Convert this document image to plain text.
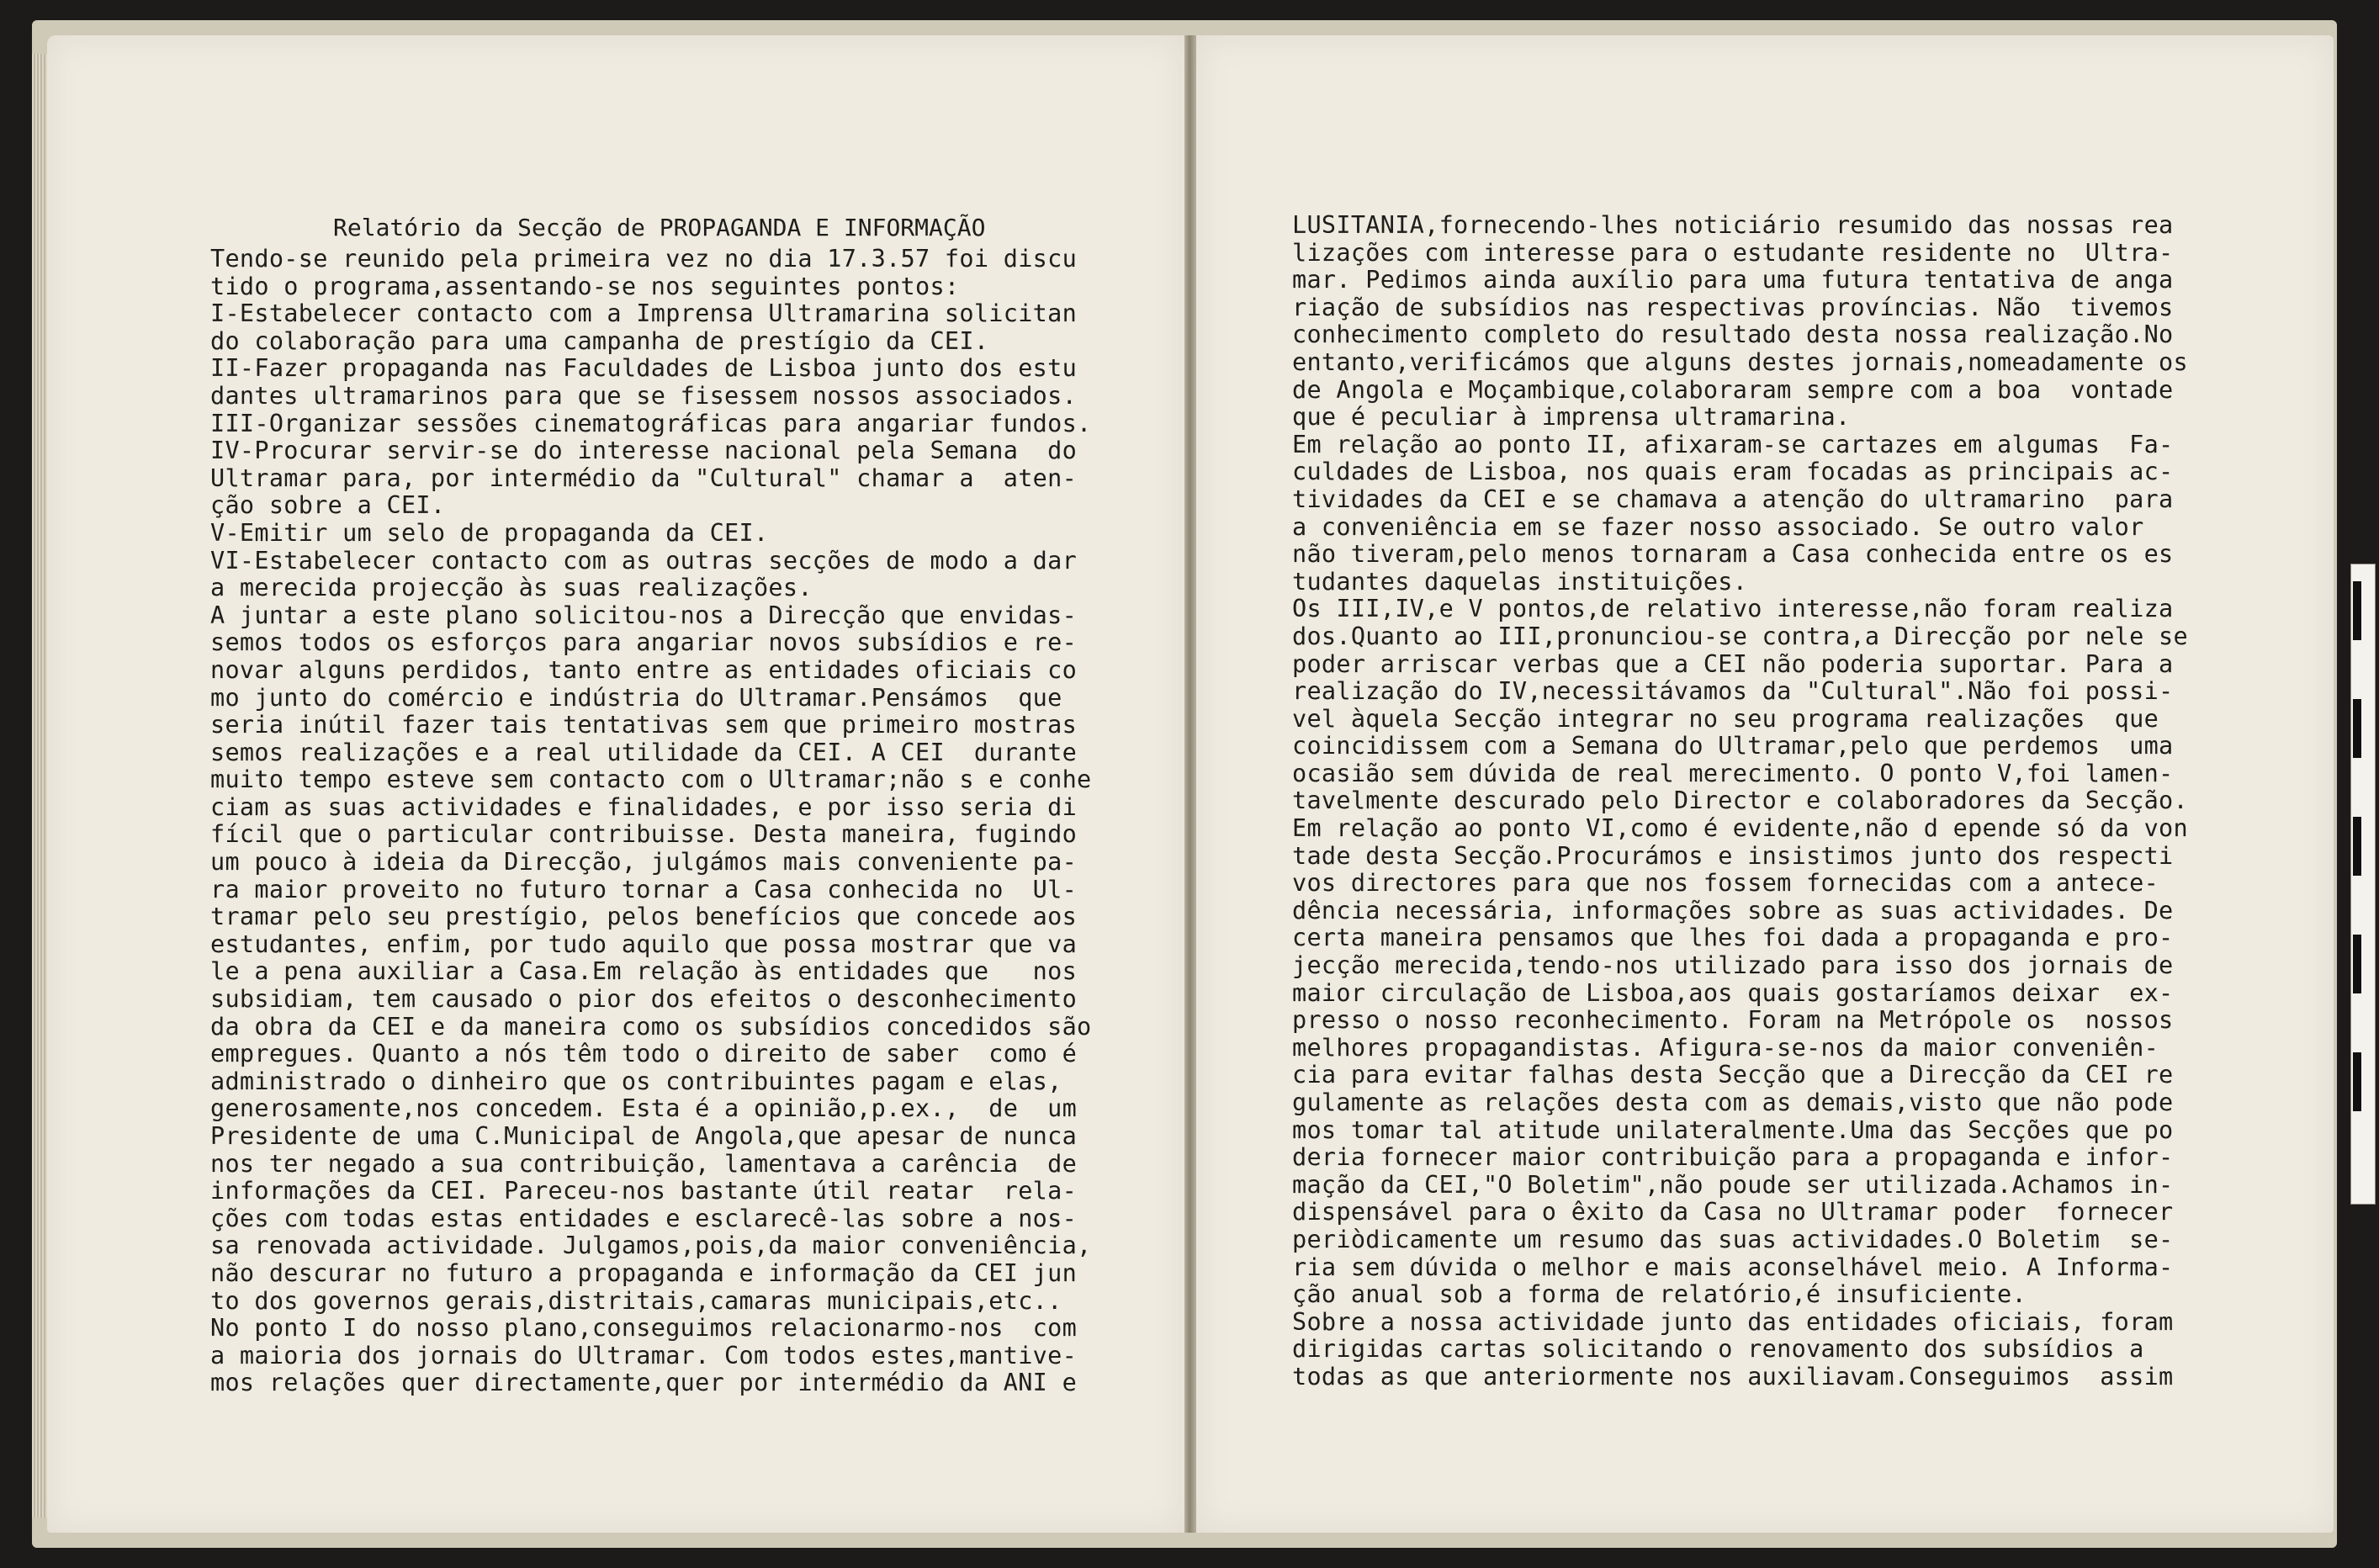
Relatório da Secção de PROPAGANDA E INFORMAÇÃO
Tendo-se reunido pela primeira vez no dia 17.3.57 foi discu
tido o programa,assentando-se nos seguintes pontos:
I-Estabelecer contacto com a Imprensa Ultramarina solicitan
do colaboração para uma campanha de prestígio da CEI.
II-Fazer propaganda nas Faculdades de Lisboa junto dos estu
dantes ultramarinos para que se fisessem nossos associados.
III-Organizar sessões cinematográficas para angariar fundos.
IV-Procurar servir-se do interesse nacional pela Semana  do
Ultramar para, por intermédio da "Cultural" chamar a  aten-
ção sobre a CEI.
V-Emitir um selo de propaganda da CEI.
VI-Estabelecer contacto com as outras secções de modo a dar
a merecida projecção às suas realizações.
A juntar a este plano solicitou-nos a Direcção que envidas-
semos todos os esforços para angariar novos subsídios e re-
novar alguns perdidos, tanto entre as entidades oficiais co
mo junto do comércio e indústria do Ultramar.Pensámos  que
seria inútil fazer tais tentativas sem que primeiro mostras
semos realizações e a real utilidade da CEI. A CEI  durante
muito tempo esteve sem contacto com o Ultramar;não s e conhe
ciam as suas actividades e finalidades, e por isso seria di
fícil que o particular contribuisse. Desta maneira, fugindo
um pouco à ideia da Direcção, julgámos mais conveniente pa-
ra maior proveito no futuro tornar a Casa conhecida no  Ul-
tramar pelo seu prestígio, pelos benefícios que concede aos
estudantes, enfim, por tudo aquilo que possa mostrar que va
le a pena auxiliar a Casa.Em relação às entidades que   nos
subsidiam, tem causado o pior dos efeitos o desconhecimento
da obra da CEI e da maneira como os subsídios concedidos são
empregues. Quanto a nós têm todo o direito de saber  como é
administrado o dinheiro que os contribuintes pagam e elas,
generosamente,nos concedem. Esta é a opinião,p.ex.,  de  um
Presidente de uma C.Municipal de Angola,que apesar de nunca
nos ter negado a sua contribuição, lamentava a carência  de
informações da CEI. Pareceu-nos bastante útil reatar  rela-
ções com todas estas entidades e esclarecê-las sobre a nos-
sa renovada actividade. Julgamos,pois,da maior conveniência,
não descurar no futuro a propaganda e informação da CEI jun
to dos governos gerais,distritais,camaras municipais,etc..
No ponto I do nosso plano,conseguimos relacionarmo-nos  com
a maioria dos jornais do Ultramar. Com todos estes,mantive-
mos relações quer directamente,quer por intermédio da ANI e
LUSITANIA,fornecendo-lhes noticiário resumido das nossas rea
lizações com interesse para o estudante residente no  Ultra-
mar. Pedimos ainda auxílio para uma futura tentativa de anga
riação de subsídios nas respectivas províncias. Não  tivemos
conhecimento completo do resultado desta nossa realização.No
entanto,verificámos que alguns destes jornais,nomeadamente os
de Angola e Moçambique,colaboraram sempre com a boa  vontade
que é peculiar à imprensa ultramarina.
Em relação ao ponto II, afixaram-se cartazes em algumas  Fa-
culdades de Lisboa, nos quais eram focadas as principais ac-
tividades da CEI e se chamava a atenção do ultramarino  para
a conveniência em se fazer nosso associado. Se outro valor
não tiveram,pelo menos tornaram a Casa conhecida entre os es
tudantes daquelas instituições.
Os III,IV,e V pontos,de relativo interesse,não foram realiza
dos.Quanto ao III,pronunciou-se contra,a Direcção por nele se
poder arriscar verbas que a CEI não poderia suportar. Para a
realização do IV,necessitávamos da "Cultural".Não foi possi-
vel àquela Secção integrar no seu programa realizações  que
coincidissem com a Semana do Ultramar,pelo que perdemos  uma
ocasião sem dúvida de real merecimento. O ponto V,foi lamen-
tavelmente descurado pelo Director e colaboradores da Secção.
Em relação ao ponto VI,como é evidente,não d epende só da von
tade desta Secção.Procurámos e insistimos junto dos respecti
vos directores para que nos fossem fornecidas com a antece-
dência necessária, informações sobre as suas actividades. De
certa maneira pensamos que lhes foi dada a propaganda e pro-
jecção merecida,tendo-nos utilizado para isso dos jornais de
maior circulação de Lisboa,aos quais gostaríamos deixar  ex-
presso o nosso reconhecimento. Foram na Metrópole os  nossos
melhores propagandistas. Afigura-se-nos da maior conveniên-
cia para evitar falhas desta Secção que a Direcção da CEI re
gulamente as relações desta com as demais,visto que não pode
mos tomar tal atitude unilateralmente.Uma das Secções que po
deria fornecer maior contribuição para a propaganda e infor-
mação da CEI,"O Boletim",não poude ser utilizada.Achamos in-
dispensável para o êxito da Casa no Ultramar poder  fornecer
periòdicamente um resumo das suas actividades.O Boletim  se-
ria sem dúvida o melhor e mais aconselhável meio. A Informa-
ção anual sob a forma de relatório,é insuficiente.
Sobre a nossa actividade junto das entidades oficiais, foram
dirigidas cartas solicitando o renovamento dos subsídios a
todas as que anteriormente nos auxiliavam.Conseguimos  assim
